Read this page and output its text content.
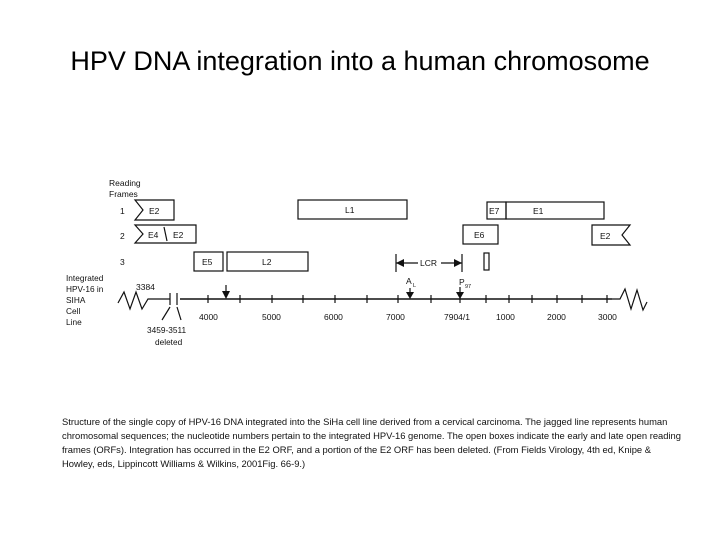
HPV DNA integration into a human chromosome
Reading
Frames
1
2
3
Integrated
HPV-16 in
SIHA
Cell
Line
E2	L1	E7	E1
E4 E2	E6	E2
E5	L2	LCR
A L	P 97
3384
3459-3511
deleted
4000	5000	6000	7000	7904/1	1000	2000	3000
Structure of the single copy of HPV-16 DNA integrated into the SiHa cell line derived from a cervical carcinoma. The jagged line represents human chromosomal sequences; the nucleotide numbers pertain to the integrated HPV-16 genome. The open boxes indicate the early and late open reading frames (ORFs). Integration has occurred in the E2 ORF, and a portion of the E2 ORF has been deleted. (From Fields Virology, 4th ed, Knipe & Howley, eds, Lippincott Williams & Wilkins, 2001Fig. 66-9.)
